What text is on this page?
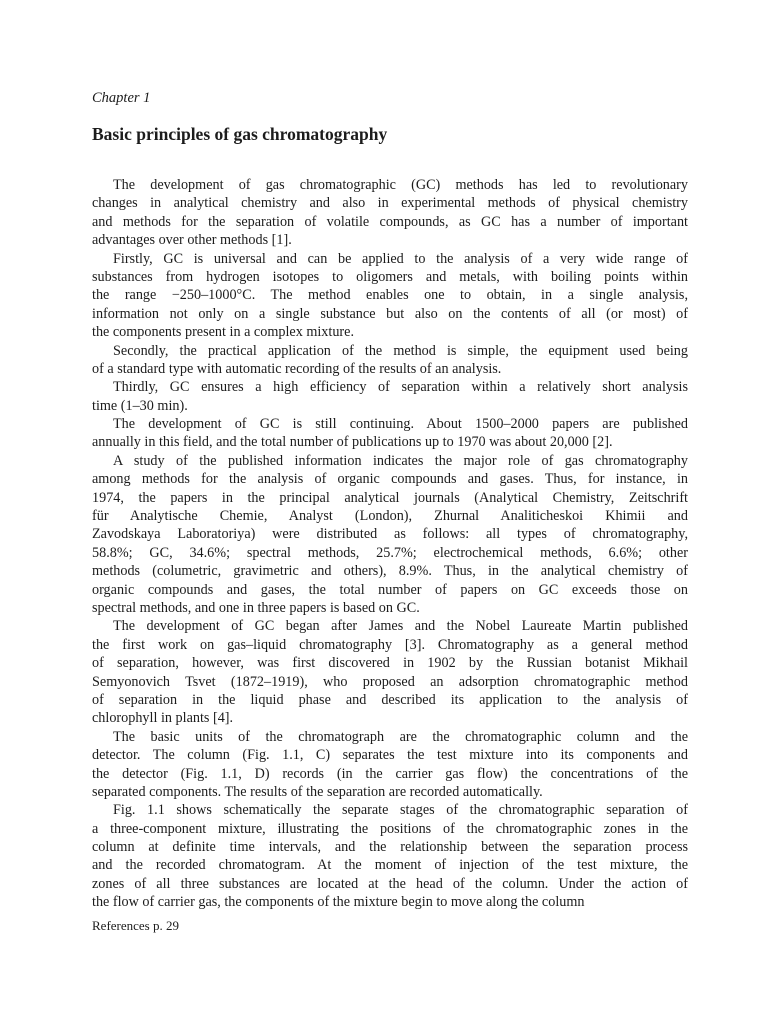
Chapter 1

Basic principles of gas chromatography
The development of gas chromatographic (GC) methods has led to revolutionary
changes in analytical chemistry and also in experimental methods of physical chemistry
and methods for the separation of volatile compounds, as GC has a number of important
advantages over other methods [1].
Firstly, GC is universal and can be applied to the analysis of a very wide range of
substances from hydrogen isotopes to oligomers and metals, with boiling points within
the range −250–1000°C. The method enables one to obtain, in a single analysis,
information not only on a single substance but also on the contents of all (or most) of
the components present in a complex mixture.
Secondly, the practical application of the method is simple, the equipment used being
of a standard type with automatic recording of the results of an analysis.
Thirdly, GC ensures a high efficiency of separation within a relatively short analysis
time (1–30 min).
The development of GC is still continuing. About 1500–2000 papers are published
annually in this field, and the total number of publications up to 1970 was about 20,000 [2].
A study of the published information indicates the major role of gas chromatography
among methods for the analysis of organic compounds and gases. Thus, for instance, in
1974, the papers in the principal analytical journals (Analytical Chemistry, Zeitschrift
für Analytische Chemie, Analyst (London), Zhurnal Analiticheskoi Khimii and
Zavodskaya Laboratoriya) were distributed as follows: all types of chromatography,
58.8%; GC, 34.6%; spectral methods, 25.7%; electrochemical methods, 6.6%; other
methods (columetric, gravimetric and others), 8.9%. Thus, in the analytical chemistry of
organic compounds and gases, the total number of papers on GC exceeds those on
spectral methods, and one in three papers is based on GC.
The development of GC began after James and the Nobel Laureate Martin published
the first work on gas–liquid chromatography [3]. Chromatography as a general method
of separation, however, was first discovered in 1902 by the Russian botanist Mikhail
Semyonovich Tsvet (1872–1919), who proposed an adsorption chromatographic method
of separation in the liquid phase and described its application to the analysis of
chlorophyll in plants [4].
The basic units of the chromatograph are the chromatographic column and the
detector. The column (Fig. 1.1, C) separates the test mixture into its components and
the detector (Fig. 1.1, D) records (in the carrier gas flow) the concentrations of the
separated components. The results of the separation are recorded automatically.
Fig. 1.1 shows schematically the separate stages of the chromatographic separation of
a three-component mixture, illustrating the positions of the chromatographic zones in the
column at definite time intervals, and the relationship between the separation process
and the recorded chromatogram. At the moment of injection of the test mixture, the
zones of all three substances are located at the head of the column. Under the action of
the flow of carrier gas, the components of the mixture begin to move along the column
References p. 29
